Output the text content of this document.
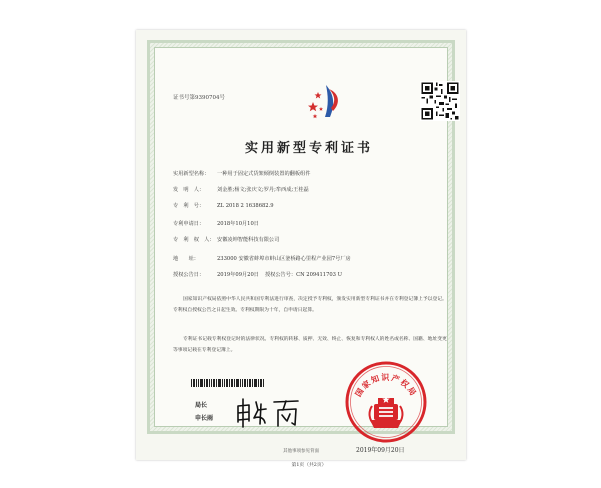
证书号第9390704号
实用新型专利证书
实用新型名称： 一种用于固定式货架倾倒装置的翻板组件
发　明　人： 刘金胜;杨文;张庆文;罗丹;牟西成;王桂磊
专　利　号： ZL 2018 2 1638682.9
专利申请日： 2018年10月10日
专　利　权　人： 安徽凌坤智能科技有限公司
地　　址：	233000 安徽省蚌埠市蚌山区釜桥路心里程产业园7号厂房
授权公告日： 2019年09月20日 授权公告号：CN 209411703 U
国家知识产权局依照中华人民共和国专利法进行审查，决定授予专利权，颁发实用新型专利证书并在专利登记簿上予以登记。专利权自授权公告之日起生效。专利权期限为十年，自申请日起算。
专利证书记载专利权登记时的法律状况。专利权的转移、质押、无效、终止、恢复和专利权人的姓名或名称、国籍、地址变更等事项记载在专利登记簿上。
局长
申长雨
国家知识产权局
2019年09月20日
第1页（共2页）
其他事项参见背面
